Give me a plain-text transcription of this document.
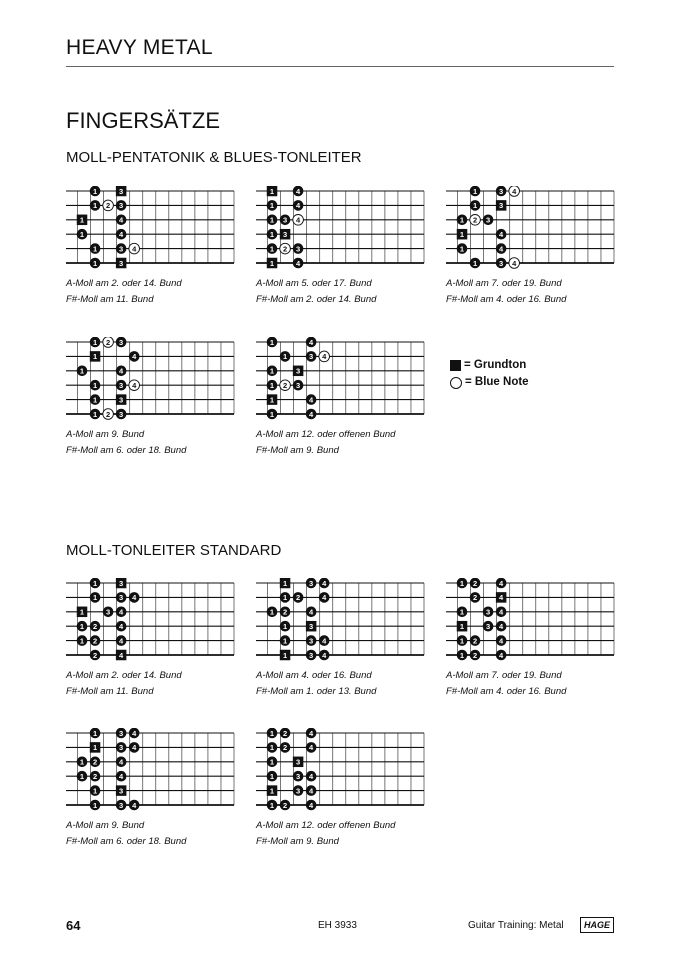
HEAVY METAL
FINGERSÄTZE
MOLL-PENTATONIK & BLUES-TONLEITER
MOLL-TONLEITER STANDARD
1	3
1 2 3
1	4
1	4
1	3 4
1	3
A-Moll am 2. oder 14. Bund
F#-Moll am 11. Bund
1	4
1	4
1 3 4
1 3
1 2 3
1	4
A-Moll am 5. oder 17. Bund
F#-Moll am 2. oder 14. Bund
1	3 4
1	3
1 2 3
1	4
1	4
1	3 4
A-Moll am 7. oder 19. Bund
F#-Moll am 4. oder 16. Bund
1 2 3
1	4
1	4
1	3 4
1	3
1 2 3
A-Moll am 9. Bund
F#-Moll am 6. oder 18. Bund
1	4
1	3 4
1	3
1 2 3
1	4
1	4
A-Moll am 12. oder offenen Bund
F#-Moll am 9. Bund
1	3
1	3 4
1	3 4
1 2	4
1 2	4
2	4
A-Moll am 2. oder 14. Bund
F#-Moll am 11. Bund
1	3 4
1 2	4
1 2	4
1	3
1	3 4
1	3 4
A-Moll am 4. oder 16. Bund
F#-Moll am 1. oder 13. Bund
1 2	4
2	4
1	3 4
1	3 4
1 2	4
1 2	4
A-Moll am 7. oder 19. Bund
F#-Moll am 4. oder 16. Bund
1	3 4
1	3 4
1 2	4
1 2	4
1	3
1	3 4
A-Moll am 9. Bund
F#-Moll am 6. oder 18. Bund
1 2	4
1 2	4
1	3
1	3 4
1	3 4
1 2	4
A-Moll am 12. oder offenen Bund
F#-Moll am 9. Bund
= Grundton
= Blue Note
64	EH 3933	Guitar Training: Metal	HAGE
